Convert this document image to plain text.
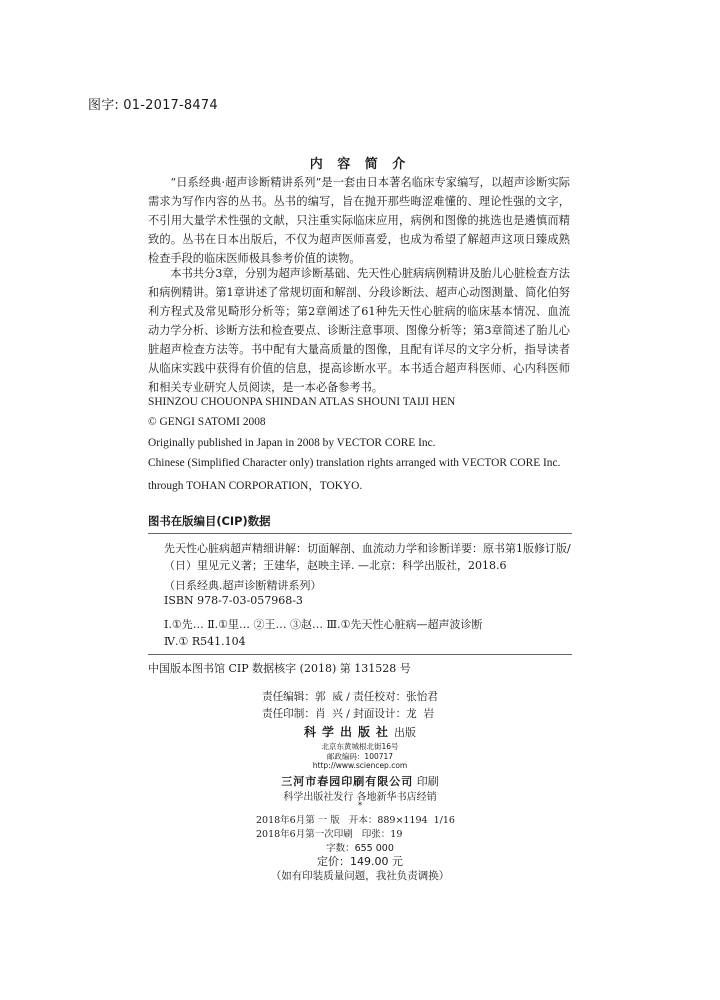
图字: 01-2017-8474
内 容 简 介
“日系经典·超声诊断精讲系列”是一套由日本著名临床专家编写，以超声诊断实际需求为写作内容的丛书。丛书的编写，旨在抛开那些晦涩难懂的、理论性强的文字，不引用大量学术性强的文献，只注重实际临床应用，病例和图像的挑选也是遴慎而精致的。丛书在日本出版后，不仅为超声医师喜爱，也成为希望了解超声这项日臻成熟检查手段的临床医师极具参考价值的读物。
本书共分3章，分别为超声诊断基础、先天性心脏病病例精讲及胎儿心脏检查方法和病例精讲。第1章讲述了常规切面和解剖、分段诊断法、超声心动图测量、简化伯努利方程式及常见畸形分析等；第2章阐述了61种先天性心脏病的临床基本情况、血流动力学分析、诊断方法和检查要点、诊断注意事项、图像分析等；第3章简述了胎儿心脏超声检查方法等。书中配有大量高质量的图像，且配有详尽的文字分析，指导读者从临床实践中获得有价值的信息，提高诊断水平。本书适合超声科医师、心内科医师和相关专业研究人员阅读，是一本必备参考书。
SHINZOU CHOUONPA SHINDAN ATLAS SHOUNI TAIJI HEN
© GENGI SATOMI 2008
Originally published in Japan in 2008 by VECTOR CORE Inc.
Chinese (Simplified Character only) translation rights arranged with VECTOR CORE Inc.
through TOHAN CORPORATION，TOKYO.
图书在版编目(CIP)数据
先天性心脏病超声精细讲解：切面解剖、血流动力学和诊断详要：原书第1版修订版/（日）里见元义著；王建华，赵映主译. —北京：科学出版社，2018.6
（日系经典.超声诊断精讲系列）
ISBN 978-7-03-057968-3
Ⅰ.①先… Ⅱ.①里… ②王… ③赵… Ⅲ.①先天性心脏病—超声波诊断
Ⅳ.① R541.104
中国版本图书馆 CIP 数据核字 (2018) 第 131528 号
责任编辑：郭  威 / 责任校对：张怡君
责任印制：肖  兴 / 封面设计：龙  岩
科学出版社出版
北京东黄城根北街16号
邮政编码：100717
http://www.sciencep.com
三河市春园印刷有限公司 印刷
科学出版社发行 各地新华书店经销
*
2018年6月第 一 版   开本：889×1194  1/16
2018年6月第一次印刷   印张：19
字数：655 000
定价：149.00 元
（如有印装质量问题，我社负责调换）
